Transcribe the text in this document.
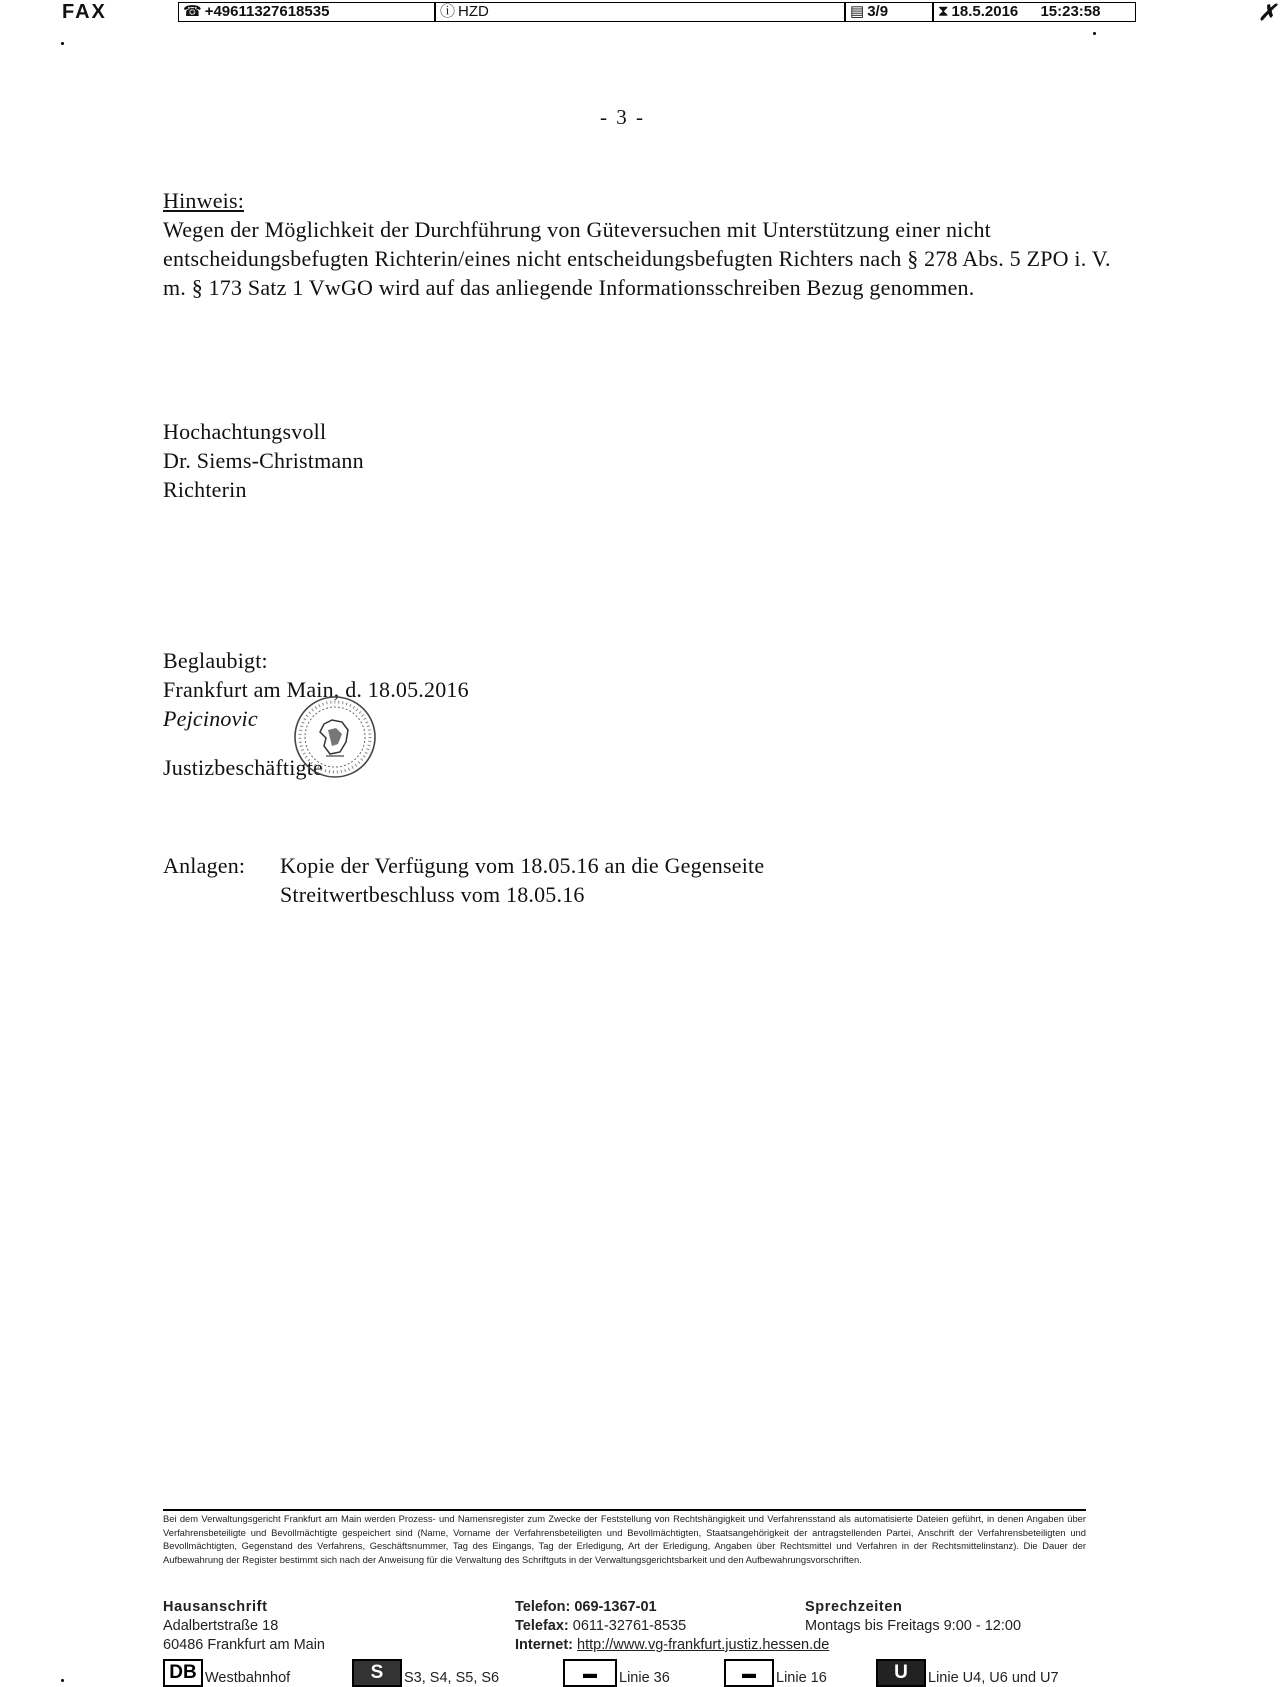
FAX	☎ +49611327618535	ⓘ HZD	▤ 3/9	⧗ 18.5.2016 15:23:58	✗
- 3 -
Hinweis:
Wegen der Möglichkeit der Durchführung von Güteversuchen mit Unterstützung einer nicht entscheidungsbefugten Richterin/eines nicht entscheidungsbefugten Richters nach § 278 Abs. 5 ZPO i. V. m. § 173 Satz 1 VwGO wird auf das anliegende Informationsschreiben Bezug genommen.
Hochachtungsvoll
Dr. Siems-Christmann
Richterin
Beglaubigt:
Frankfurt am Main, d. 18.05.2016
Pejcinovic
Justizbeschäftigte
Anlagen:	Kopie der Verfügung vom 18.05.16 an die Gegenseite
Streitwertbeschluss vom 18.05.16
Bei dem Verwaltungsgericht Frankfurt am Main werden Prozess- und Namensregister zum Zwecke der Feststellung von Rechtshängigkeit und Verfahrensstand als automatisierte Dateien geführt, in denen Angaben über Verfahrensbeteiligte und Bevollmächtigte gespeichert sind (Name, Vorname der Verfahrensbeteiligten und Bevollmächtigten, Staatsangehörigkeit der antragstellenden Partei, Anschrift der Verfahrensbeteiligten und Bevollmächtigten, Gegenstand des Verfahrens, Geschäftsnummer, Tag des Eingangs, Tag der Erledigung, Art der Erledigung, Angaben über Rechtsmittel und Verfahren in der Rechtsmittelinstanz). Die Dauer der Aufbewahrung der Register bestimmt sich nach der Anweisung für die Verwaltung des Schriftguts in der Verwaltungsgerichtsbarkeit und den Aufbewahrungsvorschriften.
Hausanschrift
Adalbertstraße 18
60486 Frankfurt am Main
Telefon: 069-1367-01
Telefax: 0611-32761-8535
Internet: http://www.vg-frankfurt.justiz.hessen.de
Sprechzeiten
Montags bis Freitags 9:00 - 12:00
DB Westbahnhof	S	S3, S4, S5, S6	▬	Linie 36	▬	Linie 16	U	Linie U4, U6 und U7
